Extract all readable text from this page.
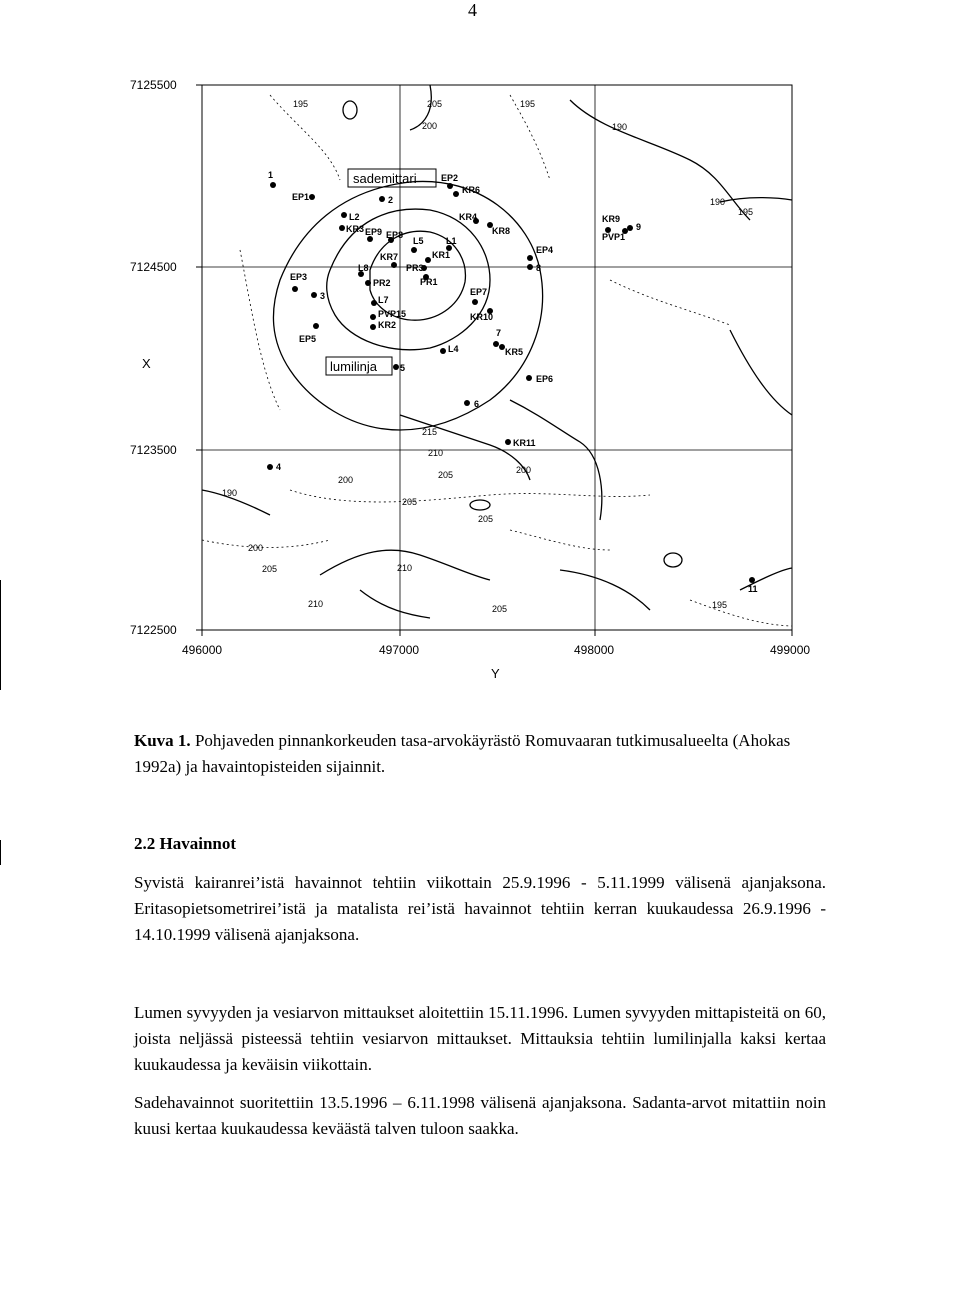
4
7125500
7124500
7123500
7122500
496000	497000	498000	499000
X
Y
sademittari
lumilinja
195	205
200
195
190
190
195
215
210
205	200
200
190
205
205
200
205	210
210	205	195
1
EP1
EP2
KR6
2
L2
KR3 EP9 EP8
L5 L1
KR4
KR8
KR7	KR1
PR3
L8
PR2	PR1
EP3
3	L7
EP7
PVP15
KR2
KR10
EP5
7
KR5
L4
5
EP6
6
KR11
4
EP4
8
KR9
PVP1
9
11
Kuva 1. Pohjaveden pinnankorkeuden tasa-arvokäyrästö Romuvaaran tutkimusalueelta (Ahokas 1992a) ja havaintopisteiden sijainnit.
2.2 Havainnot

Syvistä kairanrei’istä havainnot tehtiin viikottain 25.9.1996 - 5.11.1999 välisenä ajanjaksona. Eritasopietsometrirei’istä ja matalista rei’istä havainnot tehtiin kerran kuukaudessa 26.9.1996 - 14.10.1999 välisenä ajanjaksona.

Lumen syvyyden ja vesiarvon mittaukset aloitettiin 15.11.1996. Lumen syvyyden mittapisteitä on 60, joista neljässä pisteessä tehtiin vesiarvon mittaukset. Mittauksia tehtiin lumilinjalla kaksi kertaa kuukaudessa ja keväisin viikottain.

Sadehavainnot suoritettiin 13.5.1996 – 6.11.1998 välisenä ajanjaksona. Sadanta-arvot mitattiin noin kuusi kertaa kuukaudessa keväästä talven tuloon saakka.
